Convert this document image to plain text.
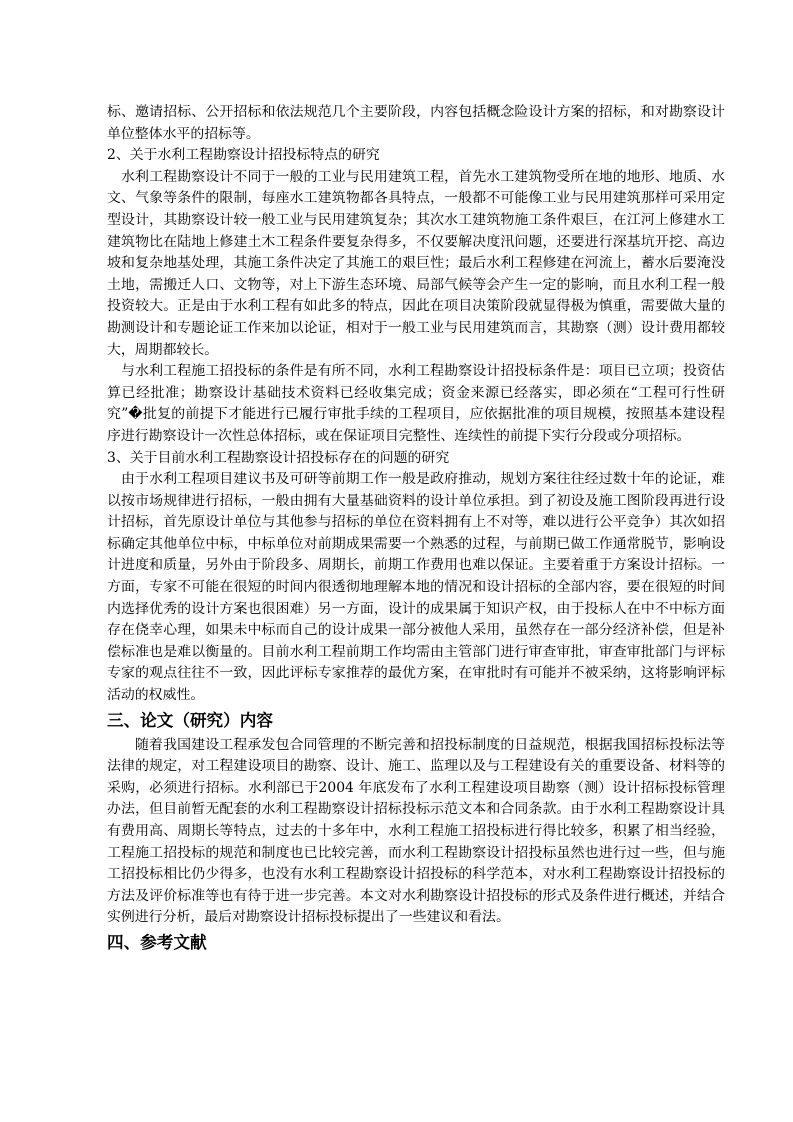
标、邀请招标、公开招标和依法规范几个主要阶段，内容包括概念险设计方案的招标，和对勘察设计单位整体水平的招标等。

2、关于水利工程勘察设计招投标特点的研究

水利工程勘察设计不同于一般的工业与民用建筑工程，首先水工建筑物受所在地的地形、地质、水文、气象等条件的限制，每座水工建筑物都各具特点，一般都不可能像工业与民用建筑那样可采用定型设计，其勘察设计较一般工业与民用建筑复杂；其次水工建筑物施工条件艰巨，在江河上修建水工建筑物比在陆地上修建土木工程条件要复杂得多，不仅要解决度汛问题，还要进行深基坑开挖、高边坡和复杂地基处理，其施工条件决定了其施工的艰巨性；最后水利工程修建在河流上，蓄水后要淹没土地，需搬迁人口、文物等，对上下游生态环境、局部气候等会产生一定的影响，而且水利工程一般投资较大。正是由于水利工程有如此多的特点，因此在项目决策阶段就显得极为慎重，需要做大量的勘测设计和专题论证工作来加以论证，相对于一般工业与民用建筑而言，其勘察（测）设计费用都较大，周期都较长。

与水利工程施工招投标的条件是有所不同，水利工程勘察设计招投标条件是：项目已立项；投资估算已经批准；勘察设计基础技术资料已经收集完成；资金来源已经落实，即必须在“工程可行性研究”�批复的前提下才能进行已履行审批手续的工程项目，应依据批准的项目规模，按照基本建设程序进行勘察设计一次性总体招标，或在保证项目完整性、连续性的前提下实行分段或分项招标。

3、关于目前水利工程勘察设计招投标存在的问题的研究

由于水利工程项目建议书及可研等前期工作一般是政府推动，规划方案往往经过数十年的论证，难以按市场规律进行招标，一般由拥有大量基础资料的设计单位承担。到了初设及施工图阶段再进行设计招标，首先原设计单位与其他参与招标的单位在资料拥有上不对等，难以进行公平竞争）其次如招标确定其他单位中标，中标单位对前期成果需要一个熟悉的过程，与前期已做工作通常脱节，影响设计进度和质量，另外由于阶段多、周期长，前期工作费用也难以保证。主要着重于方案设计招标。一方面，专家不可能在很短的时间内很透彻地理解本地的情况和设计招标的全部内容，要在很短的时间内选择优秀的设计方案也很困难）另一方面，设计的成果属于知识产权，由于投标人在中不中标方面存在侥幸心理，如果未中标而自己的设计成果一部分被他人采用，虽然存在一部分经济补偿，但是补偿标准也是难以衡量的。目前水利工程前期工作均需由主管部门进行审查审批，审查审批部门与评标专家的观点往往不一致，因此评标专家推荐的最优方案，在审批时有可能并不被采纳，这将影响评标活动的权威性。

三、论文（研究）内容

随着我国建设工程承发包合同管理的不断完善和招投标制度的日益规范，根据我国招标投标法等法律的规定，对工程建设项目的勘察、设计、施工、监理以及与工程建设有关的重要设备、材料等的采购，必须进行招标。水利部已于2004 年底发布了水利工程建设项目勘察（测）设计招标投标管理办法，但目前暂无配套的水利工程勘察设计招标投标示范文本和合同条款。由于水利工程勘察设计具有费用高、周期长等特点，过去的十多年中，水利工程施工招投标进行得比较多，积累了相当经验，工程施工招投标的规范和制度也已比较完善，而水利工程勘察设计招投标虽然也进行过一些，但与施工招投标相比仍少得多，也没有水利工程勘察设计招投标的科学范本，对水利工程勘察设计招投标的方法及评价标准等也有待于进一步完善。本文对水利勘察设计招投标的形式及条件进行概述，并结合实例进行分析，最后对勘察设计招标投标提出了一些建议和看法。

四、参考文献
